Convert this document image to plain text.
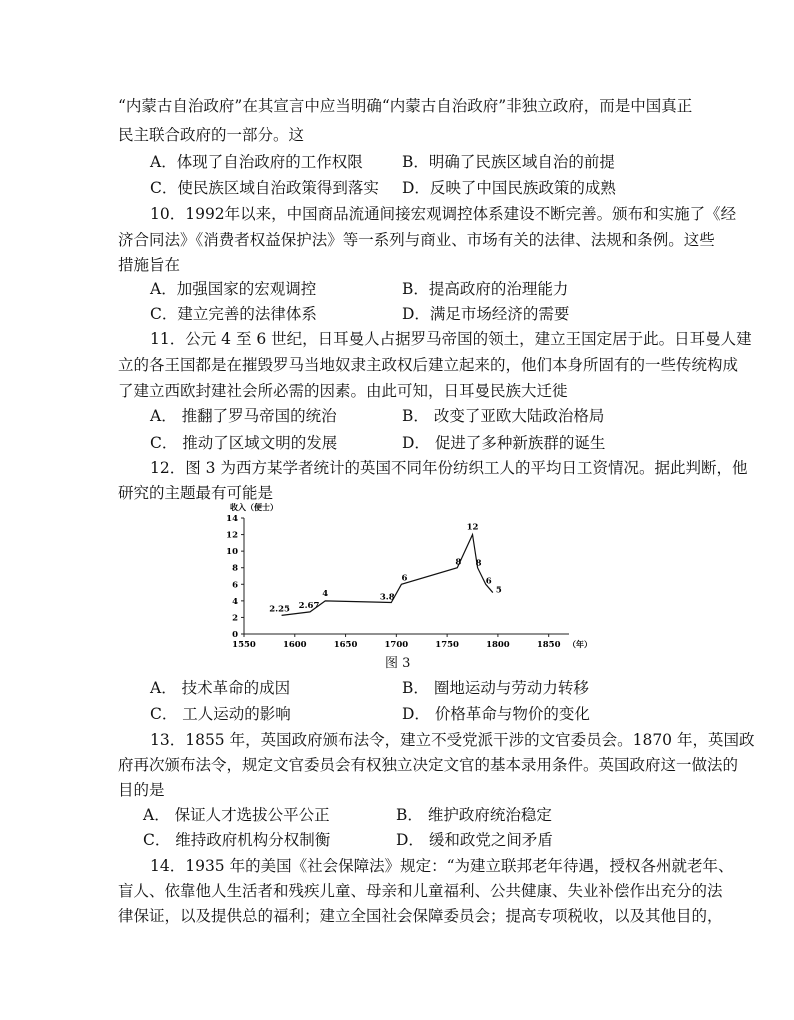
“内蒙古自治政府”在其宣言中应当明确“内蒙古自治政府”非独立政府，而是中国真正
民主联合政府的一部分。这
A．体现了自治政府的工作权限	B．明确了民族区域自治的前提
C．使民族区域自治政策得到落实 D．反映了中国民族政策的成熟
10．1992年以来，中国商品流通间接宏观调控体系建设不断完善。颁布和实施了《经
济合同法》《消费者权益保护法》等一系列与商业、市场有关的法律、法规和条例。这些
措施旨在
A．加强国家的宏观调控	B．提高政府的治理能力
C．建立完善的法律体系	D．满足市场经济的需要
11．公元 4 至 6 世纪，日耳曼人占据罗马帝国的领土，建立王国定居于此。日耳曼人建
立的各王国都是在摧毁罗马当地奴隶主政权后建立起来的，他们本身所固有的一些传统构成
了建立西欧封建社会所必需的因素。由此可知，日耳曼民族大迁徙
A． 推翻了罗马帝国的统治	B． 改变了亚欧大陆政治格局
C． 推动了区域文明的发展	D． 促进了多种新族群的诞生
12．图 3 为西方某学者统计的英国不同年份纺织工人的平均日工资情况。据此判断，他
研究的主题最有可能是
收入（便士）
（年）
0
2
4
6
8
10
12
14
1550	1600	1650	1700	1750	1800	1850
2.25 2.67
4	3.8
6
8
12
8
6
5
图 3
A． 技术革命的成因	B． 圈地运动与劳动力转移
C． 工人运动的影响	D． 价格革命与物价的变化
13．1855 年，英国政府颁布法令，建立不受党派干涉的文官委员会。1870 年，英国政
府再次颁布法令，规定文官委员会有权独立决定文官的基本录用条件。英国政府这一做法的
目的是
A． 保证人才选拔公平公正	B． 维护政府统治稳定
C． 维持政府机构分权制衡	D． 缓和政党之间矛盾
14．1935 年的美国《社会保障法》规定：“为建立联邦老年待遇，授权各州就老年、
盲人、依靠他人生活者和残疾儿童、母亲和儿童福利、公共健康、失业补偿作出充分的法
律保证，以及提供总的福利；建立全国社会保障委员会；提高专项税收，以及其他目的，
